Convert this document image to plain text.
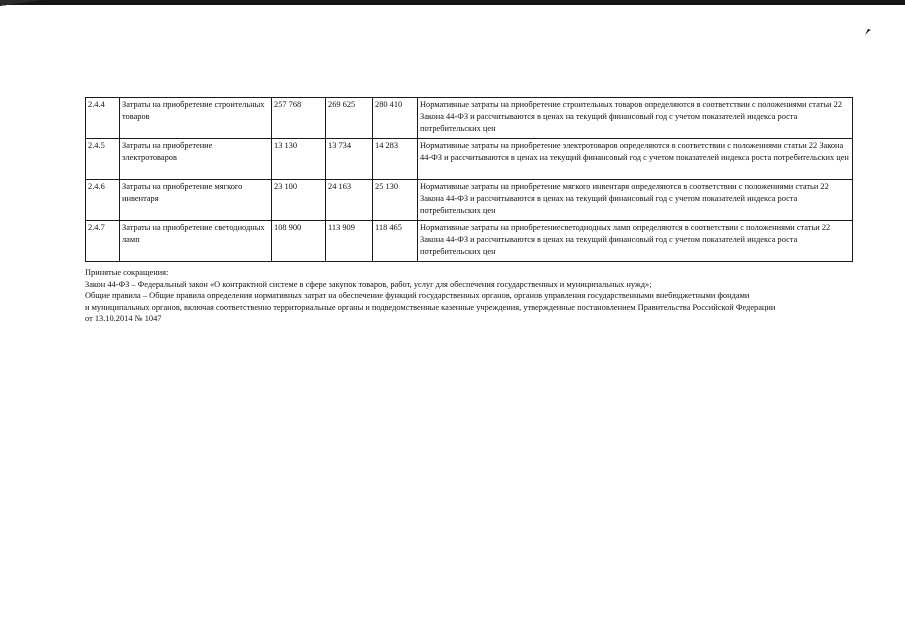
2.4.4	Затраты на приобретение строительных товаров	257 768	269 625	280 410	Нормативные затраты на приобретение строительных товаров определяются в соответствии с положениями статьи 22 Закона 44-ФЗ и рассчитываются в ценах на текущий финансовый год с учетом показателей индекса роста потребительских цен
2.4.5	Затраты на приобретение электротоваров	13 130	13 734	14 283	Нормативные затраты на приобретение электротоваров определяются в соответствии с положениями статьи 22 Закона 44-ФЗ и рассчитываются в ценах на текущий финансовый год с учетом показателей индекса роста потребительских цен
2.4.6	Затраты на приобретение мягкого инвентаря	23 100	24 163	25 130	Нормативные затраты на приобретение мягкого инвентаря определяются в соответствии с положениями статьи 22 Закона 44-ФЗ и рассчитываются в ценах на текущий финансовый год с учетом показателей индекса роста потребительских цен
2.4.7	Затраты на приобретение светодиодных ламп	108 900	113 909	118 465	Нормативные затраты на приобретениесветодиодных ламп определяются в соответствии с положениями статьи 22 Закона 44-ФЗ и рассчитываются в ценах на текущий финансовый год с учетом показателей индекса роста потребительских цен
Принятые сокращения:
Закон 44-ФЗ – Федеральный закон «О контрактной системе в сфере закупок товаров, работ, услуг для обеспечения государственных и муниципальных нужд»;
Общие правила – Общие правила определения нормативных затрат на обеспечение функций государственных органов, органов управления государственными внебюджетными фондами
и муниципальных органов, включая соответственно территориальные органы и подведомственные казенные учреждения, утвержденные постановлением Правительства Российской Федерации
от 13.10.2014 № 1047
